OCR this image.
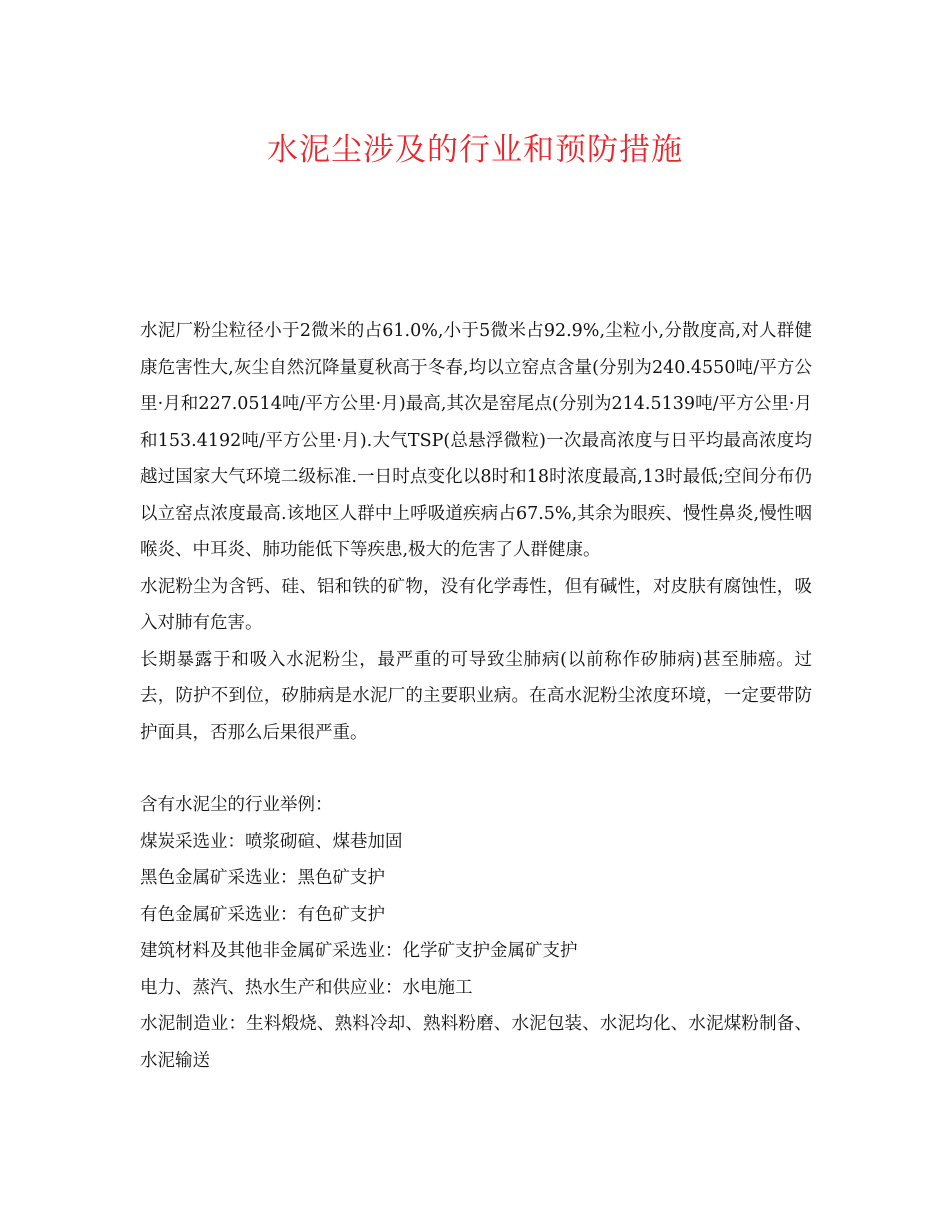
水泥尘涉及的行业和预防措施

水泥厂粉尘粒径小于2微米的占61.0%,小于5微米占92.9%,尘粒小,分散度高,对人群健康危害性大,灰尘自然沉降量夏秋高于冬春,均以立窑点含量(分别为240.4550吨/平方公里·月和227.0514吨/平方公里·月)最高,其次是窑尾点(分别为214.5139吨/平方公里·月和153.4192吨/平方公里·月).大气TSP(总悬浮微粒)一次最高浓度与日平均最高浓度均越过国家大气环境二级标准.一日时点变化以8时和18时浓度最高,13时最低;空间分布仍以立窑点浓度最高.该地区人群中上呼吸道疾病占67.5%,其余为眼疾、慢性鼻炎,慢性咽喉炎、中耳炎、肺功能低下等疾患,极大的危害了人群健康。

水泥粉尘为含钙、硅、铝和铁的矿物，没有化学毒性，但有碱性，对皮肤有腐蚀性，吸入对肺有危害。

长期暴露于和吸入水泥粉尘，最严重的可导致尘肺病(以前称作矽肺病)甚至肺癌。过去，防护不到位，矽肺病是水泥厂的主要职业病。在高水泥粉尘浓度环境，一定要带防护面具，否那么后果很严重。

含有水泥尘的行业举例：

煤炭采选业：喷浆砌碹、煤巷加固

黑色金属矿采选业：黑色矿支护

有色金属矿采选业：有色矿支护

建筑材料及其他非金属矿采选业：化学矿支护金属矿支护

电力、蒸汽、热水生产和供应业：水电施工

水泥制造业：生料煅烧、熟料冷却、熟料粉磨、水泥包装、水泥均化、水泥煤粉制备、水泥输送
